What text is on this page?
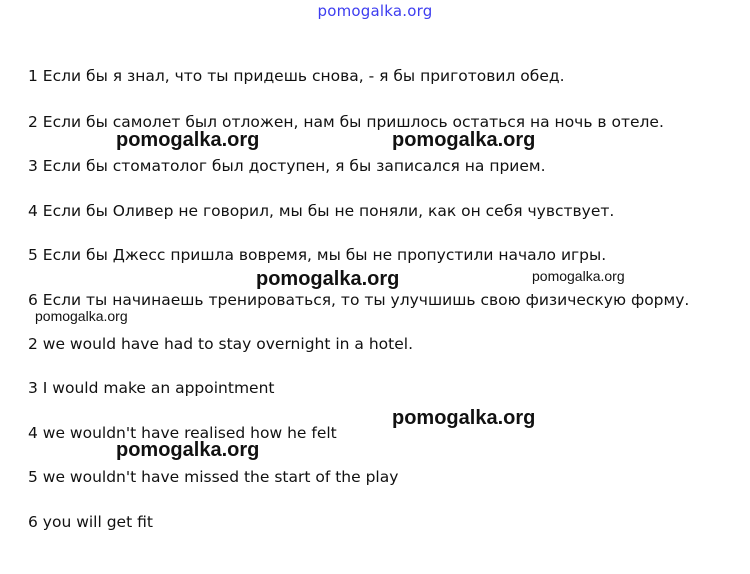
pomogalka.org
1 Если бы я знал, что ты придешь снова, - я бы приготовил обед.
2 Если бы самолет был отложен, нам бы пришлось остаться на ночь в отеле.
3 Если бы стоматолог был доступен, я бы записался на прием.
4 Если бы Оливер не говорил, мы бы не поняли, как он себя чувствует.
5 Если бы Джесс пришла вовремя, мы бы не пропустили начало игры.
6 Если ты начинаешь тренироваться, то ты улучшишь свою физическую форму.
2 we would have had to stay overnight in a hotel.
3 I would make an appointment
4 we wouldn't have realised how he felt
5 we wouldn't have missed the start of the play
6 you will get fit
pomogalka.org	pomogalka.org
pomogalka.org	pomogalka.org
pomogalka.org
pomogalka.org
pomogalka.org
